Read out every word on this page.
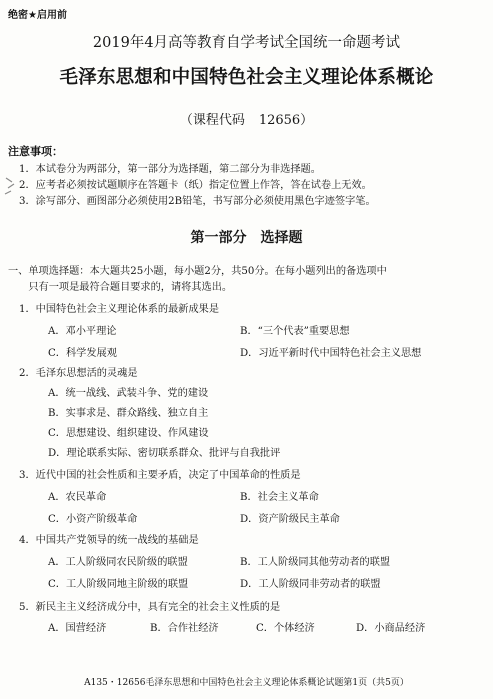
绝密★启用前
2019年4月高等教育自学考试全国统一命题考试
毛泽东思想和中国特色社会主义理论体系概论
（课程代码 12656）
注意事项：
1．本试卷分为两部分，第一部分为选择题，第二部分为非选择题。
2．应考者必须按试题顺序在答题卡（纸）指定位置上作答，答在试卷上无效。
3．涂写部分、画图部分必须使用2B铅笔，书写部分必须使用黑色字迹签字笔。
第一部分　选择题
一、单项选择题：本大题共25小题，每小题2分，共50分。在每小题列出的备选项中
　　只有一项是最符合题目要求的，请将其选出。
1．中国特色社会主义理论体系的最新成果是
A．邓小平理论	B．“三个代表”重要思想
C．科学发展观	D．习近平新时代中国特色社会主义思想
2．毛泽东思想活的灵魂是
A．统一战线、武装斗争、党的建设
B．实事求是、群众路线、独立自主
C．思想建设、组织建设、作风建设
D．理论联系实际、密切联系群众、批评与自我批评
3．近代中国的社会性质和主要矛盾，决定了中国革命的性质是
A．农民革命	B．社会主义革命
C．小资产阶级革命	D．资产阶级民主革命
4．中国共产党领导的统一战线的基础是
A．工人阶级同农民阶级的联盟	B．工人阶级同其他劳动者的联盟
C．工人阶级同地主阶级的联盟	D．工人阶级同非劳动者的联盟
5．新民主主义经济成分中，具有完全的社会主义性质的是
A．国营经济	B．合作社经济	C．个体经济	D．小商品经济
A135・12656毛泽东思想和中国特色社会主义理论体系概论试题第1页（共5页）
